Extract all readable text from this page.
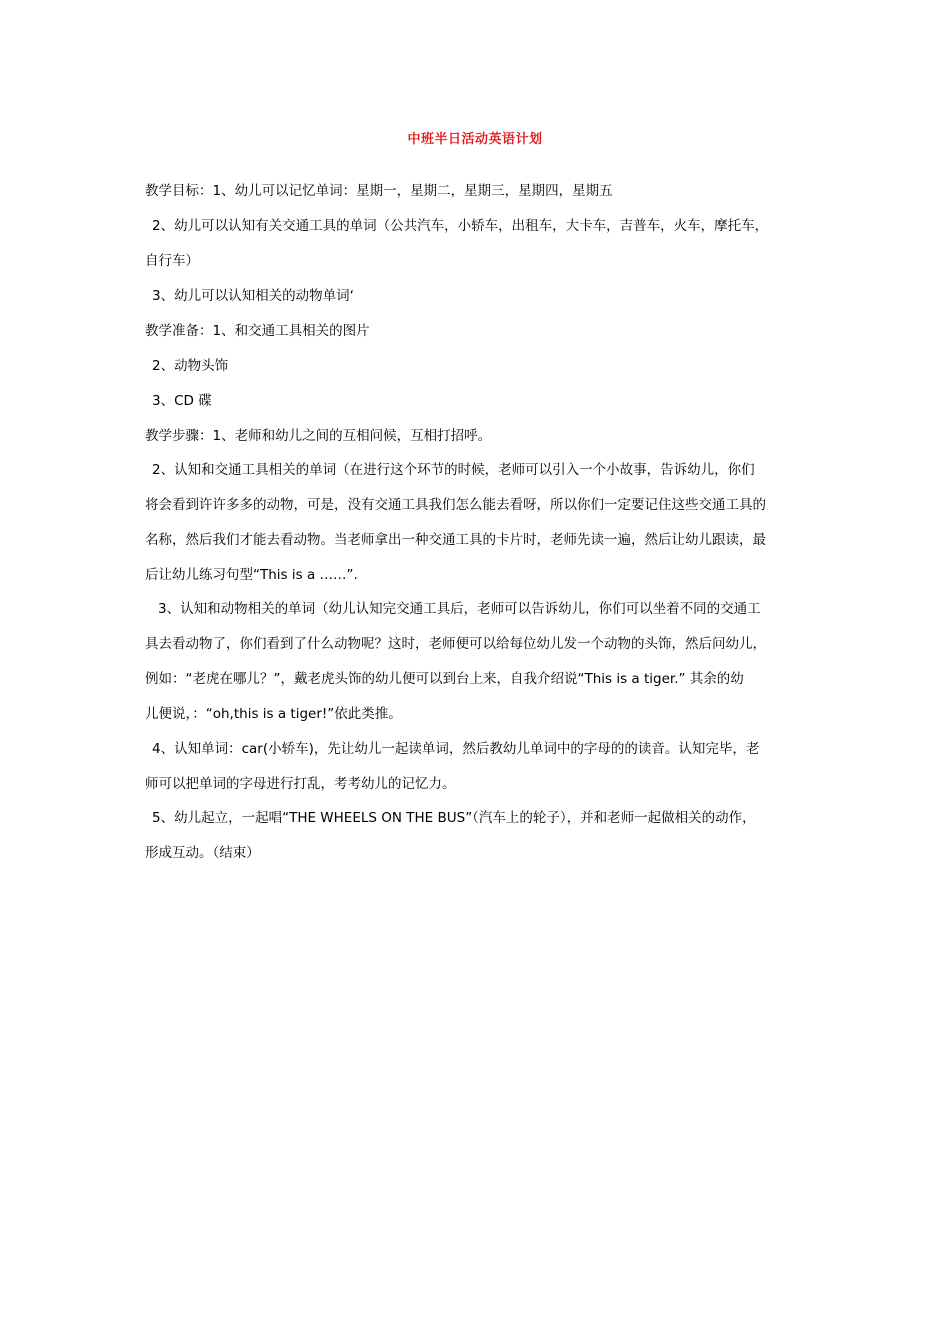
中班半日活动英语计划
教学目标：1、幼儿可以记忆单词：星期一，星期二，星期三，星期四，星期五
2、幼儿可以认知有关交通工具的单词（公共汽车，小轿车，出租车，大卡车，吉普车，火车，摩托车，
自行车）
3、幼儿可以认知相关的动物单词‘
教学准备：1、和交通工具相关的图片
2、动物头饰
3、CD 碟
教学步骤：1、老师和幼儿之间的互相问候，互相打招呼。
2、认知和交通工具相关的单词（在进行这个环节的时候，老师可以引入一个小故事，告诉幼儿，你们
将会看到许许多多的动物，可是，没有交通工具我们怎么能去看呀，所以你们一定要记住这些交通工具的
名称，然后我们才能去看动物。当老师拿出一种交通工具的卡片时，老师先读一遍，然后让幼儿跟读，最
后让幼儿练习句型“This is a ……”.
3、认知和动物相关的单词（幼儿认知完交通工具后，老师可以告诉幼儿，你们可以坐着不同的交通工
具去看动物了，你们看到了什么动物呢？这时，老师便可以给每位幼儿发一个动物的头饰，然后问幼儿，
例如：“老虎在哪儿？”，戴老虎头饰的幼儿便可以到台上来，自我介绍说“This is a tiger.” 其余的幼
儿便说，：“oh,this is a tiger!”依此类推。
4、认知单词：car(小轿车)，先让幼儿一起读单词，然后教幼儿单词中的字母的的读音。认知完毕，老
师可以把单词的字母进行打乱，考考幼儿的记忆力。
5、幼儿起立，一起唱“THE WHEELS ON THE BUS”（汽车上的轮子），并和老师一起做相关的动作，
形成互动。（结束）
